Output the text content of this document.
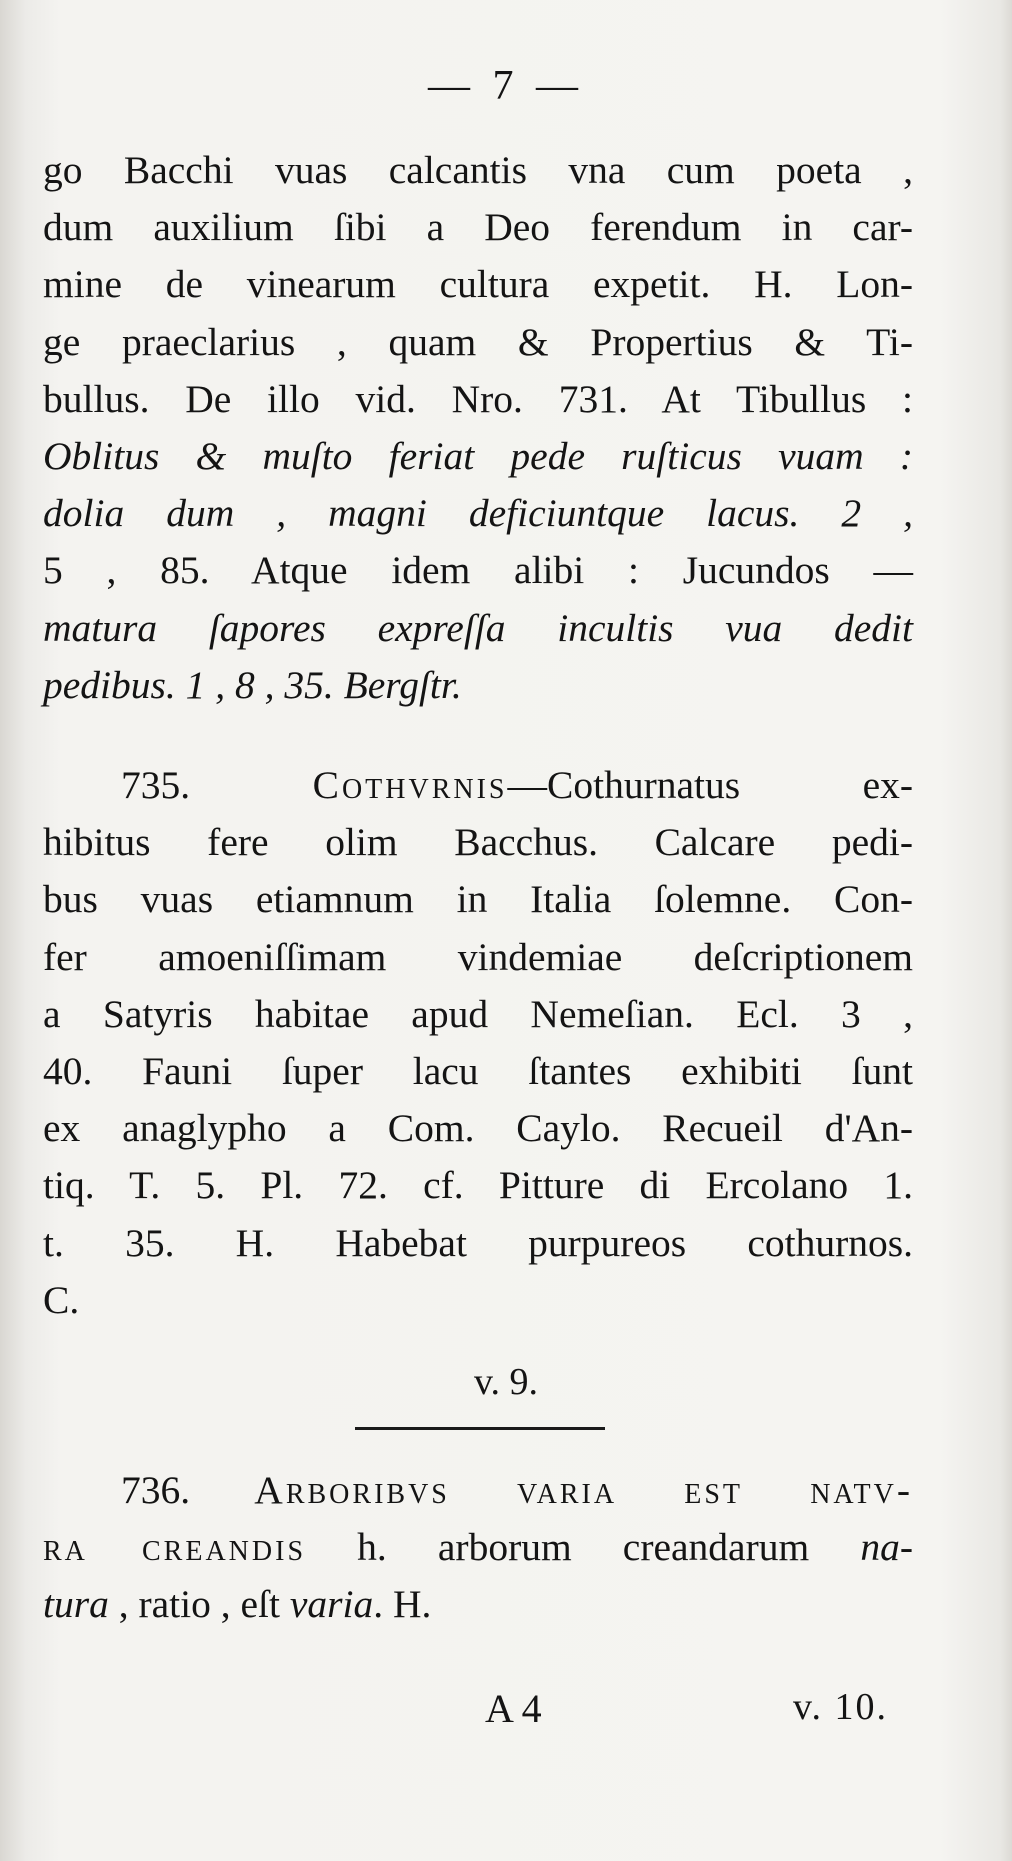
— 7 —
go Bacchi vuas calcantis vna cum poeta ,
dum auxilium ſibi a Deo ferendum in car-
mine de vinearum cultura expetit. H. Lon-
ge praeclarius , quam & Propertius & Ti-
bullus. De illo vid. Nro. 731. At Tibullus :
Oblitus & muſto feriat pede ruſticus vuam :
dolia dum , magni deficiuntque lacus. 2 ,
5 , 85. Atque idem alibi : Jucundos —
matura ſapores expreſſa incultis vua dedit
pedibus. 1 , 8 , 35. Bergſtr.
735.	Cothvrnis—Cothurnatus ex-
hibitus fere olim Bacchus. Calcare pedi-
bus vuas etiamnum in Italia ſolemne. Con-
fer amoeniſſimam vindemiae deſcriptionem
a Satyris habitae apud Nemeſian. Ecl. 3 ,
40. Fauni ſuper lacu ſtantes exhibiti ſunt
ex anaglypho a Com. Caylo. Recueil d'An-
tiq. T. 5. Pl. 72. cf. Pitture di Ercolano 1.
t. 35. H. Habebat purpureos cothurnos.
C.
v. 9.
736. Arboribvs varia est natv-
ra creandis h. arborum creandarum na-
tura , ratio , eſt varia. H.
A 4	v. 10.
